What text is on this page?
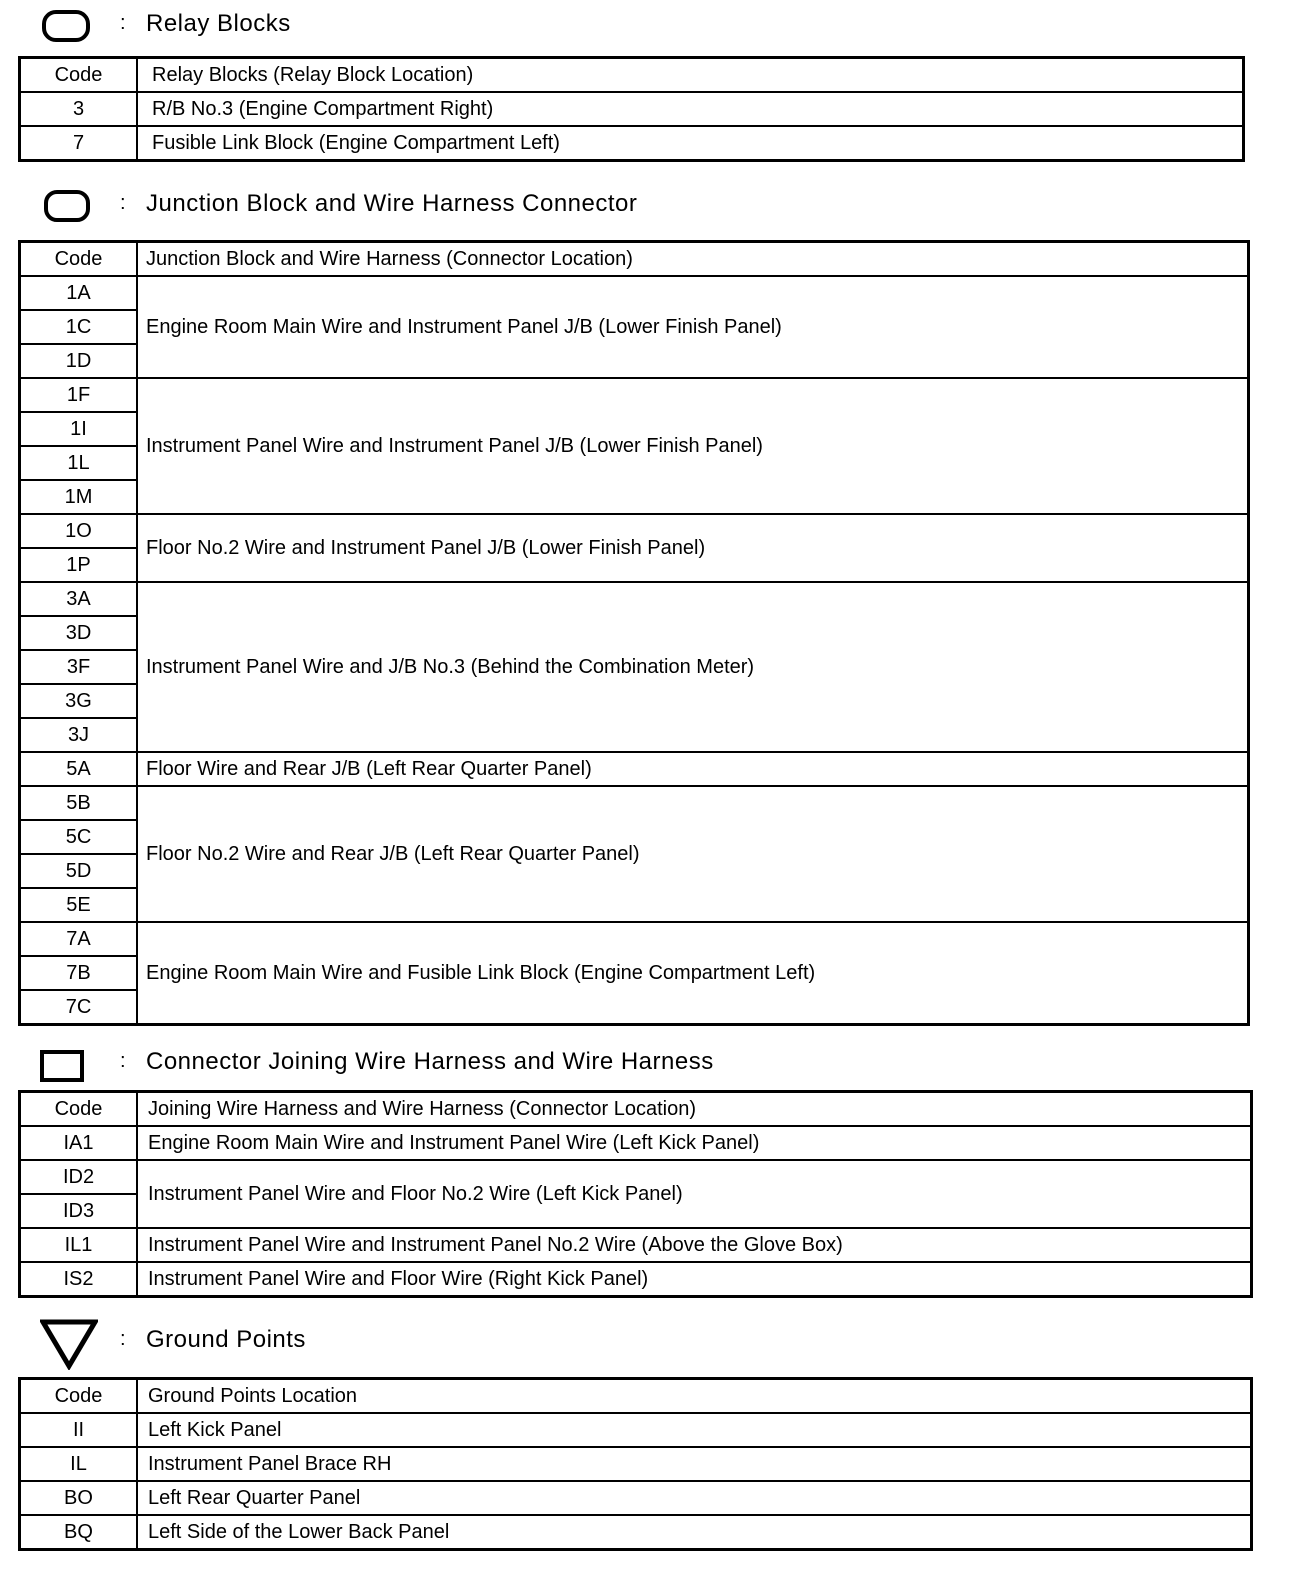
: Relay Blocks
Code	Relay Blocks (Relay Block Location)
3	R/B No.3 (Engine Compartment Right)
7	Fusible Link Block (Engine Compartment Left)
: Junction Block and Wire Harness Connector
Code	Junction Block and Wire Harness (Connector Location)
1A	Engine Room Main Wire and Instrument Panel J/B (Lower Finish Panel)
1C	
1D	
1F	Instrument Panel Wire and Instrument Panel J/B (Lower Finish Panel)
1I	
1L	
1M	
1O	Floor No.2 Wire and Instrument Panel J/B (Lower Finish Panel)
1P	
3A	Instrument Panel Wire and J/B No.3 (Behind the Combination Meter)
3D	
3F	
3G	
3J	
5A	Floor Wire and Rear J/B (Left Rear Quarter Panel)
5B	Floor No.2 Wire and Rear J/B (Left Rear Quarter Panel)
5C	
5D	
5E	
7A	Engine Room Main Wire and Fusible Link Block (Engine Compartment Left)
7B	
7C	
: Connector Joining Wire Harness and Wire Harness
Code	Joining Wire Harness and Wire Harness (Connector Location)
IA1	Engine Room Main Wire and Instrument Panel Wire (Left Kick Panel)
ID2	Instrument Panel Wire and Floor No.2 Wire (Left Kick Panel)
ID3	
IL1	Instrument Panel Wire and Instrument Panel No.2 Wire (Above the Glove Box)
IS2	Instrument Panel Wire and Floor Wire (Right Kick Panel)
: Ground Points
Code	Ground Points Location
II	Left Kick Panel
IL	Instrument Panel Brace RH
BO	Left Rear Quarter Panel
BQ	Left Side of the Lower Back Panel
